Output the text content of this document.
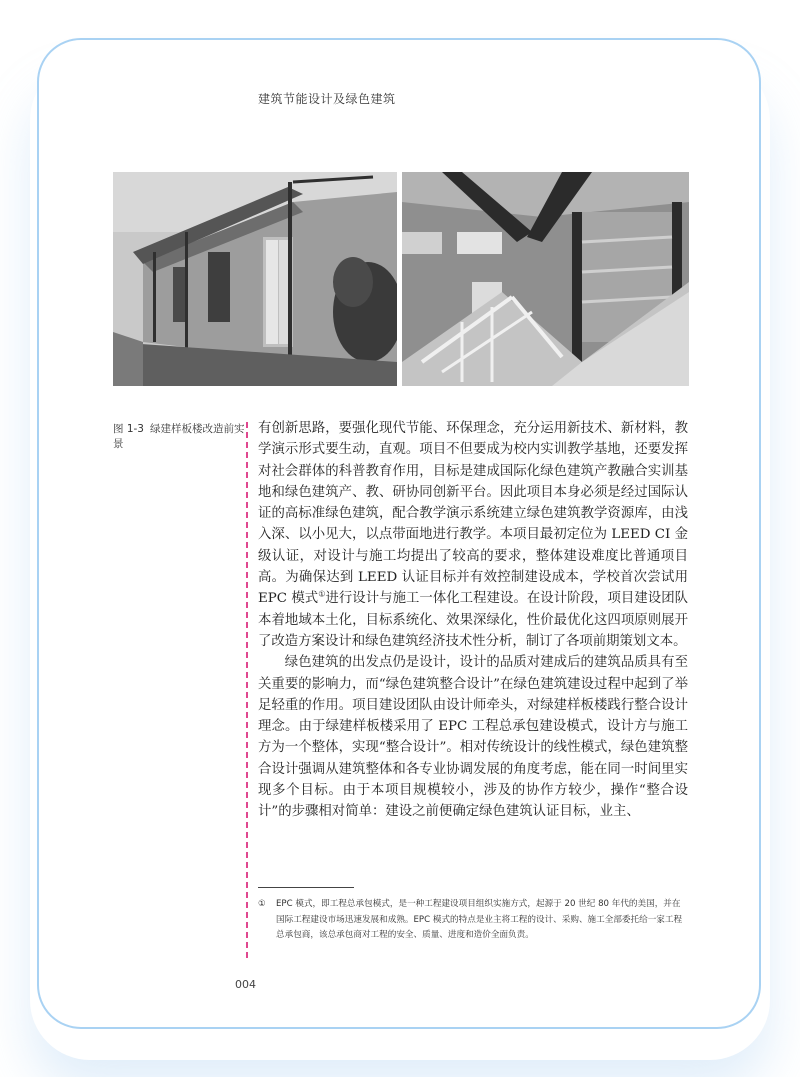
建筑节能设计及绿色建筑
图 1-3 绿建样板楼改造前实景

有创新思路，要强化现代节能、环保理念，充分运用新技术、新材料，教学演示形式要生动，直观。项目不但要成为校内实训教学基地，还要发挥对社会群体的科普教育作用，目标是建成国际化绿色建筑产教融合实训基地和绿色建筑产、教、研协同创新平台。因此项目本身必须是经过国际认证的高标准绿色建筑，配合教学演示系统建立绿色建筑教学资源库，由浅入深、以小见大，以点带面地进行教学。本项目最初定位为 LEED CI 金级认证，对设计与施工均提出了较高的要求，整体建设难度比普通项目高。为确保达到 LEED 认证目标并有效控制建设成本，学校首次尝试用 EPC 模式①进行设计与施工一体化工程建设。在设计阶段，项目建设团队本着地域本土化，目标系统化、效果深绿化，性价最优化这四项原则展开了改造方案设计和绿色建筑经济技术性分析，制订了各项前期策划文本。

绿色建筑的出发点仍是设计，设计的品质对建成后的建筑品质具有至关重要的影响力，而“绿色建筑整合设计”在绿色建筑建设过程中起到了举足轻重的作用。项目建设团队由设计师牵头，对绿建样板楼践行整合设计理念。由于绿建样板楼采用了 EPC 工程总承包建设模式，设计方与施工方为一个整体，实现“整合设计”。相对传统设计的线性模式，绿色建筑整合设计强调从建筑整体和各专业协调发展的角度考虑，能在同一时间里实现多个目标。由于本项目规模较小，涉及的协作方较少，操作“整合设计”的步骤相对简单：建设之前便确定绿色建筑认证目标，业主、

① EPC 模式，即工程总承包模式，是一种工程建设项目组织实施方式，起源于 20 世纪 80 年代的美国，并在国际工程建设市场迅速发展和成熟。EPC 模式的特点是业主将工程的设计、采购、施工全部委托给一家工程总承包商，该总承包商对工程的安全、质量、进度和造价全面负责。
004
